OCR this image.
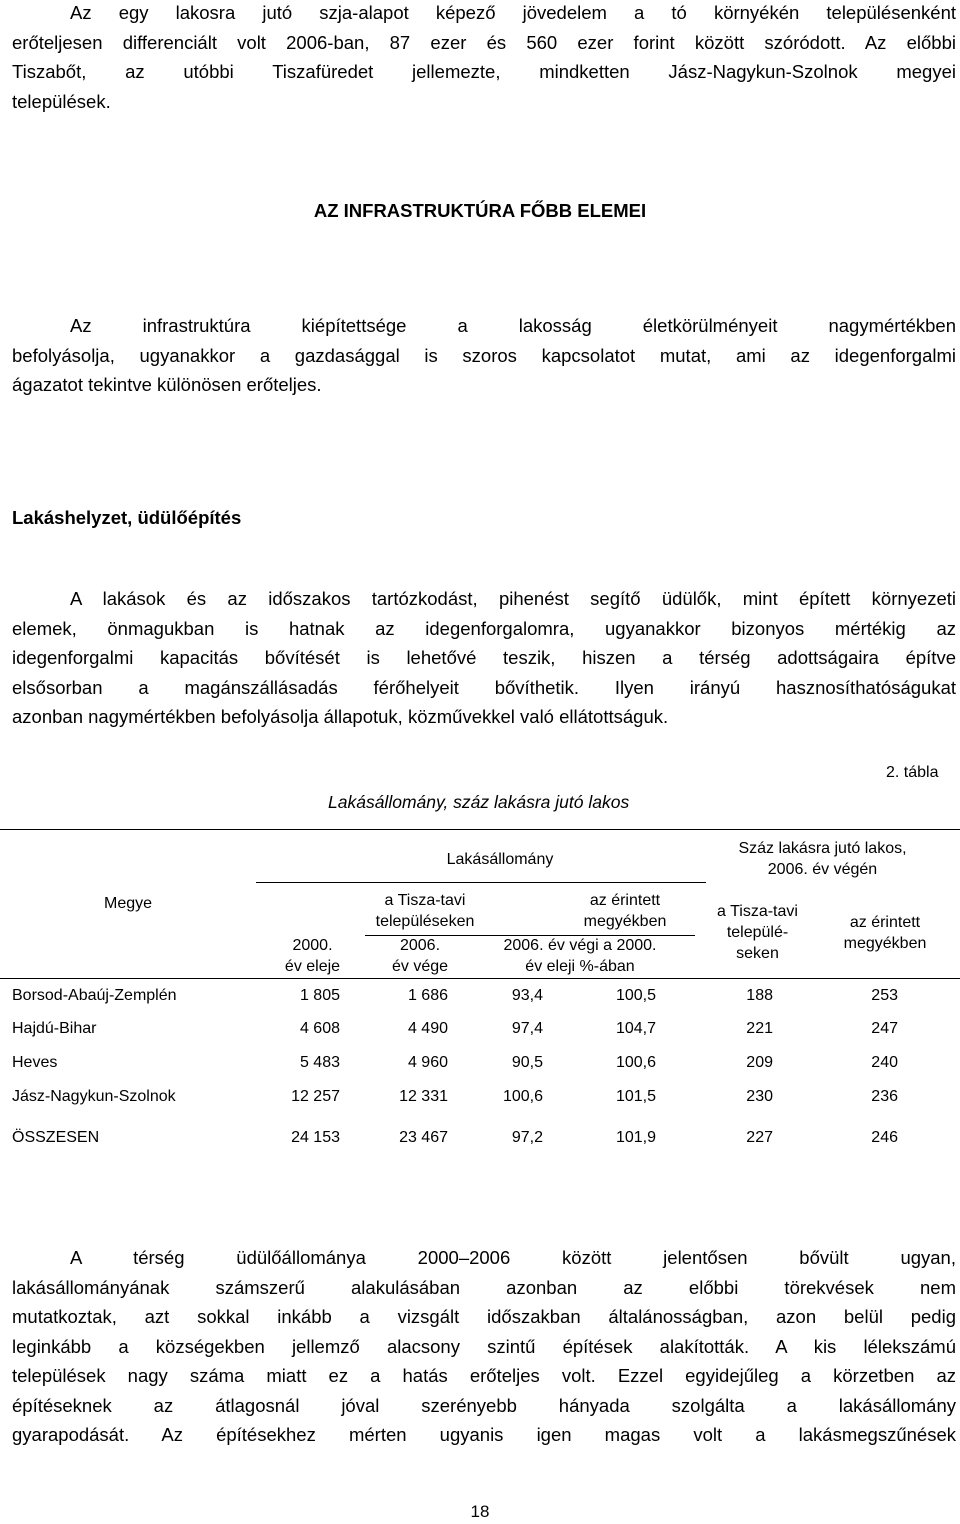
Az egy lakosra jutó szja-alapot képező jövedelem a tó környékén településenként
erőteljesen differenciált volt 2006-ban, 87 ezer és 560 ezer forint között szóródott. Az előbbi
Tiszabőt, az utóbbi Tiszafüredet jellemezte, mindketten Jász-Nagykun-Szolnok megyei
települések.
AZ INFRASTRUKTÚRA FŐBB ELEMEI
Az infrastruktúra kiépítettsége a lakosság életkörülményeit nagymértékben
befolyásolja, ugyanakkor a gazdasággal is szoros kapcsolatot mutat, ami az idegenforgalmi
ágazatot tekintve különösen erőteljes.
Lakáshelyzet, üdülőépítés
A lakások és az időszakos tartózkodást, pihenést segítő üdülők, mint épített környezeti
elemek, önmagukban is hatnak az idegenforgalomra, ugyanakkor bizonyos mértékig az
idegenforgalmi kapacitás bővítését is lehetővé teszik, hiszen a térség adottságaira építve
elsősorban a magánszállásadás férőhelyeit bővíthetik. Ilyen irányú hasznosíthatóságukat
azonban nagymértékben befolyásolja állapotuk, közművekkel való ellátottságuk.
2. tábla
Lakásállomány, száz lakásra jutó lakos
Megye
Lakásállomány
Száz lakásra jutó lakos,
2006. év végén
a Tisza-tavi
településeken
az érintett
megyékben
2000.
év eleje
2006.
év vége
2006. év végi a 2000.
év eleji %-ában
a Tisza-tavi
települé-
seken
az érintett
megyékben
Borsod-Abaúj-Zemplén	1 805	1 686	93,4	100,5	188	253
Hajdú-Bihar	4 608	4 490	97,4	104,7	221	247
Heves	5 483	4 960	90,5	100,6	209	240
Jász-Nagykun-Szolnok	12 257	12 331	100,6	101,5	230	236
ÖSSZESEN	24 153	23 467	97,2	101,9	227	246
A térség üdülőállománya 2000–2006 között jelentősen bővült ugyan,
lakásállományának számszerű alakulásában azonban az előbbi törekvések nem
mutatkoztak, azt sokkal inkább a vizsgált időszakban általánosságban, azon belül pedig
leginkább a községekben jellemző alacsony szintű építések alakították. A kis lélekszámú
települések nagy száma miatt ez a hatás erőteljes volt. Ezzel egyidejűleg a körzetben az
építéseknek az átlagosnál jóval szerényebb hányada szolgálta a lakásállomány
gyarapodását. Az építésekhez mérten ugyanis igen magas volt a lakásmegszűnések
18
